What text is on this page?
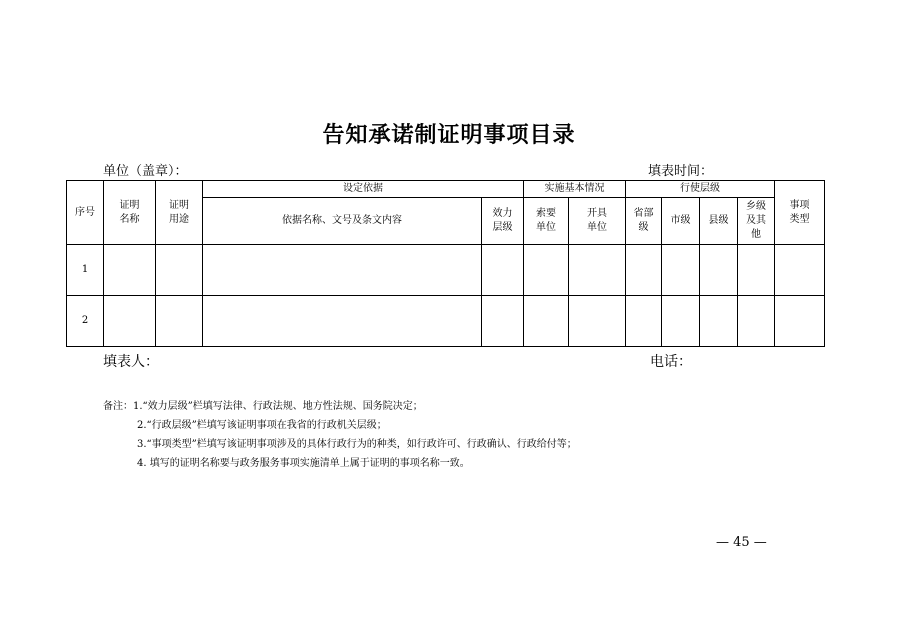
告知承诺制证明事项目录
单位（盖章）：	填表时间：
序号	证明名称	证明用途	设定依据		实施基本情况		行使层级				事项类型

			依据名称、文号及条文内容	效力层级	索要单位	开具单位	省部级	市级	县级	乡级及其他	

1											
2											
填表人：	电话：
备注：1.“效力层级”栏填写法律、行政法规、地方性法规、国务院决定；
2.“行政层级”栏填写该证明事项在我省的行政机关层级；
3.“事项类型”栏填写该证明事项涉及的具体行政行为的种类，如行政许可、行政确认、行政给付等；
4. 填写的证明名称要与政务服务事项实施清单上属于证明的事项名称一致。
— 45 —
